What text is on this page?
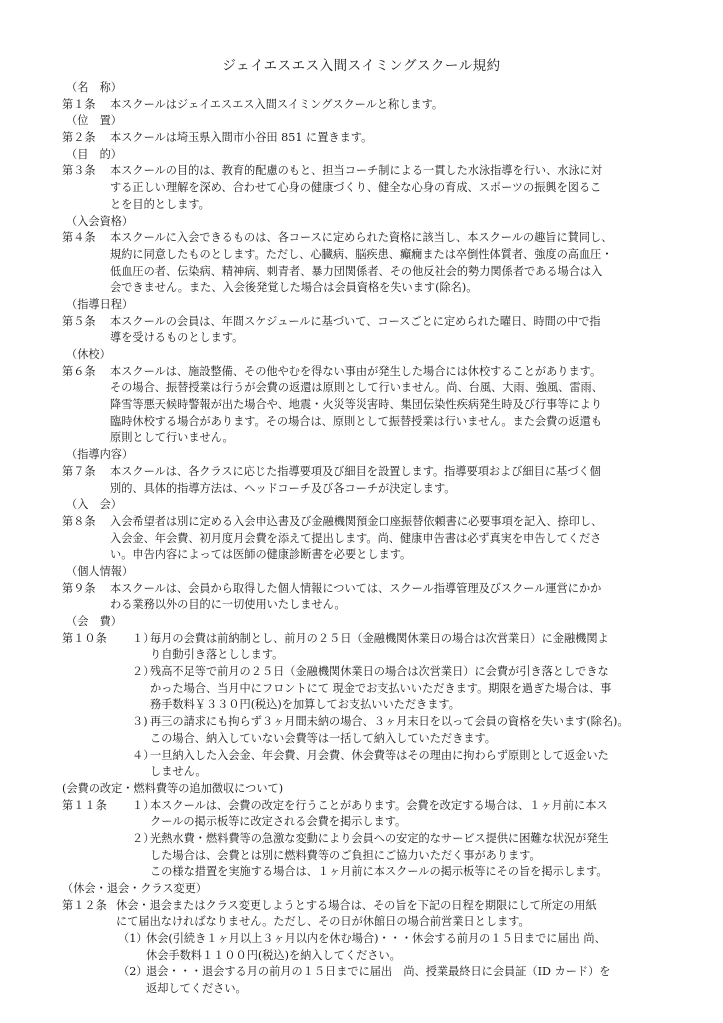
ジェイエスエス入間スイミングスクール規約
（名　称）
第１条 本スクールはジェイエスエス入間スイミングスクールと称します。
（位　置）
第２条 本スクールは埼玉県入間市小谷田 851 に置きます。
（目　的）
第３条 本スクールの目的は、教育的配慮のもと、担当コーチ制による一貫した水泳指導を行い、水泳に対
する正しい理解を深め、合わせて心身の健康づくり、健全な心身の育成、スポーツの振興を図るこ
とを目的とします。
（入会資格）
第４条 本スクールに入会できるものは、各コースに定められた資格に該当し、本スクールの趣旨に賛同し、
規約に同意したものとします。ただし、心臓病、脳疾患、癲癇または卒倒性体質者、強度の高血圧・
低血圧の者、伝染病、精神病、刺青者、暴力団関係者、その他反社会的勢力関係者である場合は入
会できません。また、入会後発覚した場合は会員資格を失います(除名)。
（指導日程）
第５条 本スクールの会員は、年間スケジュールに基づいて、コースごとに定められた曜日、時間の中で指
導を受けるものとします。
（休校）
第６条 本スクールは、施設整備、その他やむを得ない事由が発生した場合には休校することがあります。
その場合、振替授業は行うが会費の返還は原則として行いません。尚、台風、大雨、強風、雷雨、
降雪等悪天候時警報が出た場合や、地震・火災等災害時、集団伝染性疾病発生時及び行事等により
臨時休校する場合があります。その場合は、原則として振替授業は行いません。また会費の返還も
原則として行いません。
（指導内容）
第７条 本スクールは、各クラスに応じた指導要項及び細目を設置します。指導要項および細目に基づく個
別的、具体的指導方法は、ヘッドコーチ及び各コーチが決定します。
（入　会）
第８条 入会希望者は別に定める入会申込書及び金融機関預金口座振替依頼書に必要事項を記入、捺印し、
入会金、年会費、初月度月会費を添えて提出します。尚、健康申告書は必ず真実を申告してくださ
い。申告内容によっては医師の健康診断書を必要とします。
（個人情報）
第９条 本スクールは、会員から取得した個人情報については、スクール指導管理及びスクール運営にかか
わる業務以外の目的に一切使用いたしません。
（会　費）
第１０条 １）
毎月の会費は前納制とし、前月の２５日（金融機関休業日の場合は次営業日）に金融機関よ
り自動引き落としします。
２）
残高不足等で前月の２５日（金融機関休業日の場合は次営業日）に会費が引き落としできな
かった場合、当月中にフロントにて 現金でお支払いいただきます。期限を過ぎた場合は、事
務手数料￥３３０円(税込)を加算してお支払いいただきます。
３) 再三の請求にも拘らず３ヶ月間未納の場合、３ヶ月末日を以って会員の資格を失います(除名)。
この場合、納入していない会費等は一括して納入していただきます。
４）
一旦納入した入会金、年会費、月会費、休会費等はその理由に拘わらず原則として返金いた
しません。
(会費の改定・燃料費等の追加徴収について)
第１１条 １）
本スクールは、会費の改定を行うことがあります。会費を改定する場合は、１ヶ月前に本ス
クールの掲示板等に改定される会費を掲示します。
２）
光熱水費・燃料費等の急激な変動により会員への安定的なサービス提供に困難な状況が発生
した場合は、会費とは別に燃料費等のご負担にご協力いただく事があります。
この様な措置を実施する場合は、１ヶ月前に本スクールの掲示板等にその旨を掲示します。
（休会・退会・クラス変更）
第１２条 休会・退会またはクラス変更しようとする場合は、その旨を下記の日程を期限にして所定の用紙
にて届出なければなりません。ただし、その日が休館日の場合前営業日とします。
（1）
休会(引続き１ヶ月以上３ヶ月以内を休む場合)・・・休会する前月の１５日までに届出 尚、
休会手数料１１００円(税込)を納入してください。
（2）
退会・・・退会する月の前月の１５日までに届出　尚、授業最終日に会員証（ID カード）を
返却してください。
